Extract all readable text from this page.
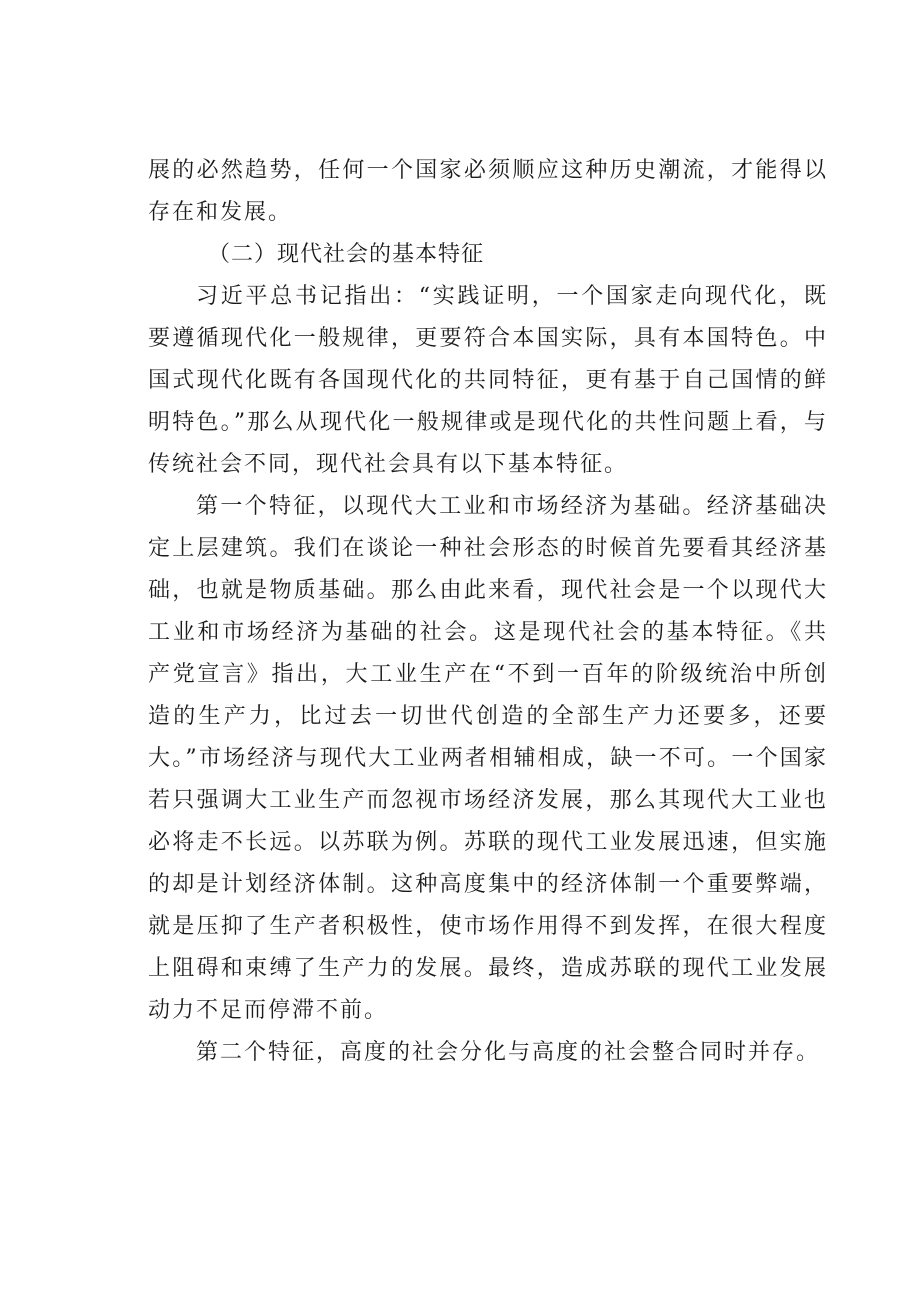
展的必然趋势，任何一个国家必须顺应这种历史潮流，才能得以存在和发展。

（二）现代社会的基本特征

习近平总书记指出：“实践证明，一个国家走向现代化，既要遵循现代化一般规律，更要符合本国实际，具有本国特色。中国式现代化既有各国现代化的共同特征，更有基于自己国情的鲜明特色。”那么从现代化一般规律或是现代化的共性问题上看，与传统社会不同，现代社会具有以下基本特征。

第一个特征，以现代大工业和市场经济为基础。经济基础决定上层建筑。我们在谈论一种社会形态的时候首先要看其经济基础，也就是物质基础。那么由此来看，现代社会是一个以现代大工业和市场经济为基础的社会。这是现代社会的基本特征。《共产党宣言》指出，大工业生产在“不到一百年的阶级统治中所创造的生产力，比过去一切世代创造的全部生产力还要多，还要大。”市场经济与现代大工业两者相辅相成，缺一不可。一个国家若只强调大工业生产而忽视市场经济发展，那么其现代大工业也必将走不长远。以苏联为例。苏联的现代工业发展迅速，但实施的却是计划经济体制。这种高度集中的经济体制一个重要弊端，就是压抑了生产者积极性，使市场作用得不到发挥，在很大程度上阻碍和束缚了生产力的发展。最终，造成苏联的现代工业发展动力不足而停滞不前。

第二个特征，高度的社会分化与高度的社会整合同时并存。
